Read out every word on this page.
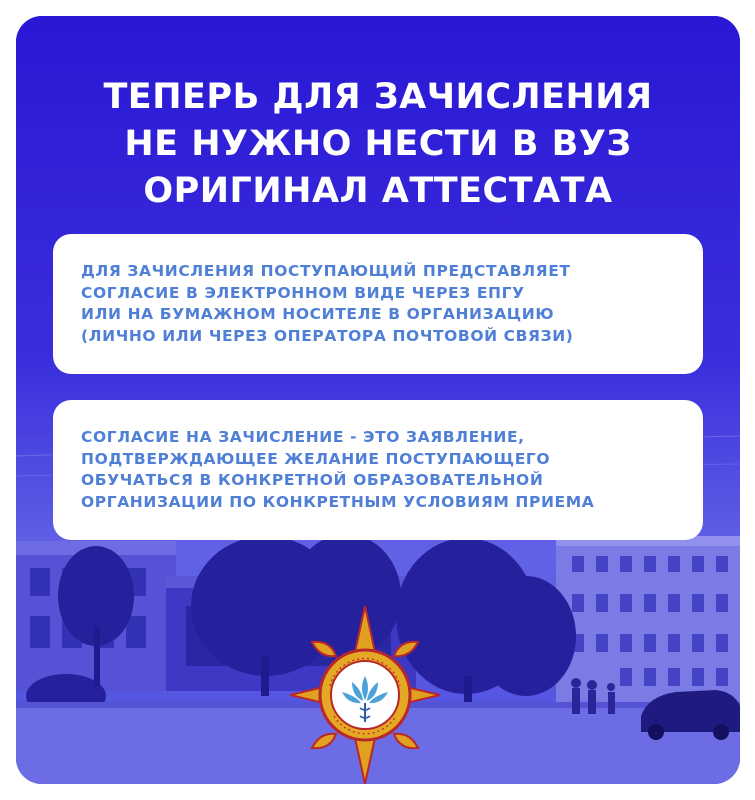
ТЕПЕРЬ ДЛЯ ЗАЧИСЛЕНИЯ
НЕ НУЖНО НЕСТИ В ВУЗ
ОРИГИНАЛ АТТЕСТАТА

ДЛЯ ЗАЧИСЛЕНИЯ ПОСТУПАЮЩИЙ ПРЕДСТАВЛЯЕТ
СОГЛАСИЕ В ЭЛЕКТРОННОМ ВИДЕ ЧЕРЕЗ ЕПГУ
ИЛИ НА БУМАЖНОМ НОСИТЕЛЕ В ОРГАНИЗАЦИЮ
(ЛИЧНО ИЛИ ЧЕРЕЗ ОПЕРАТОРА ПОЧТОВОЙ СВЯЗИ)

СОГЛАСИЕ НА ЗАЧИСЛЕНИЕ - ЭТО ЗАЯВЛЕНИЕ,
ПОДТВЕРЖДАЮЩЕЕ ЖЕЛАНИЕ ПОСТУПАЮЩЕГО
ОБУЧАТЬСЯ В КОНКРЕТНОЙ ОБРАЗОВАТЕЛЬНОЙ
ОРГАНИЗАЦИИ ПО КОНКРЕТНЫМ УСЛОВИЯМ ПРИЕМА
